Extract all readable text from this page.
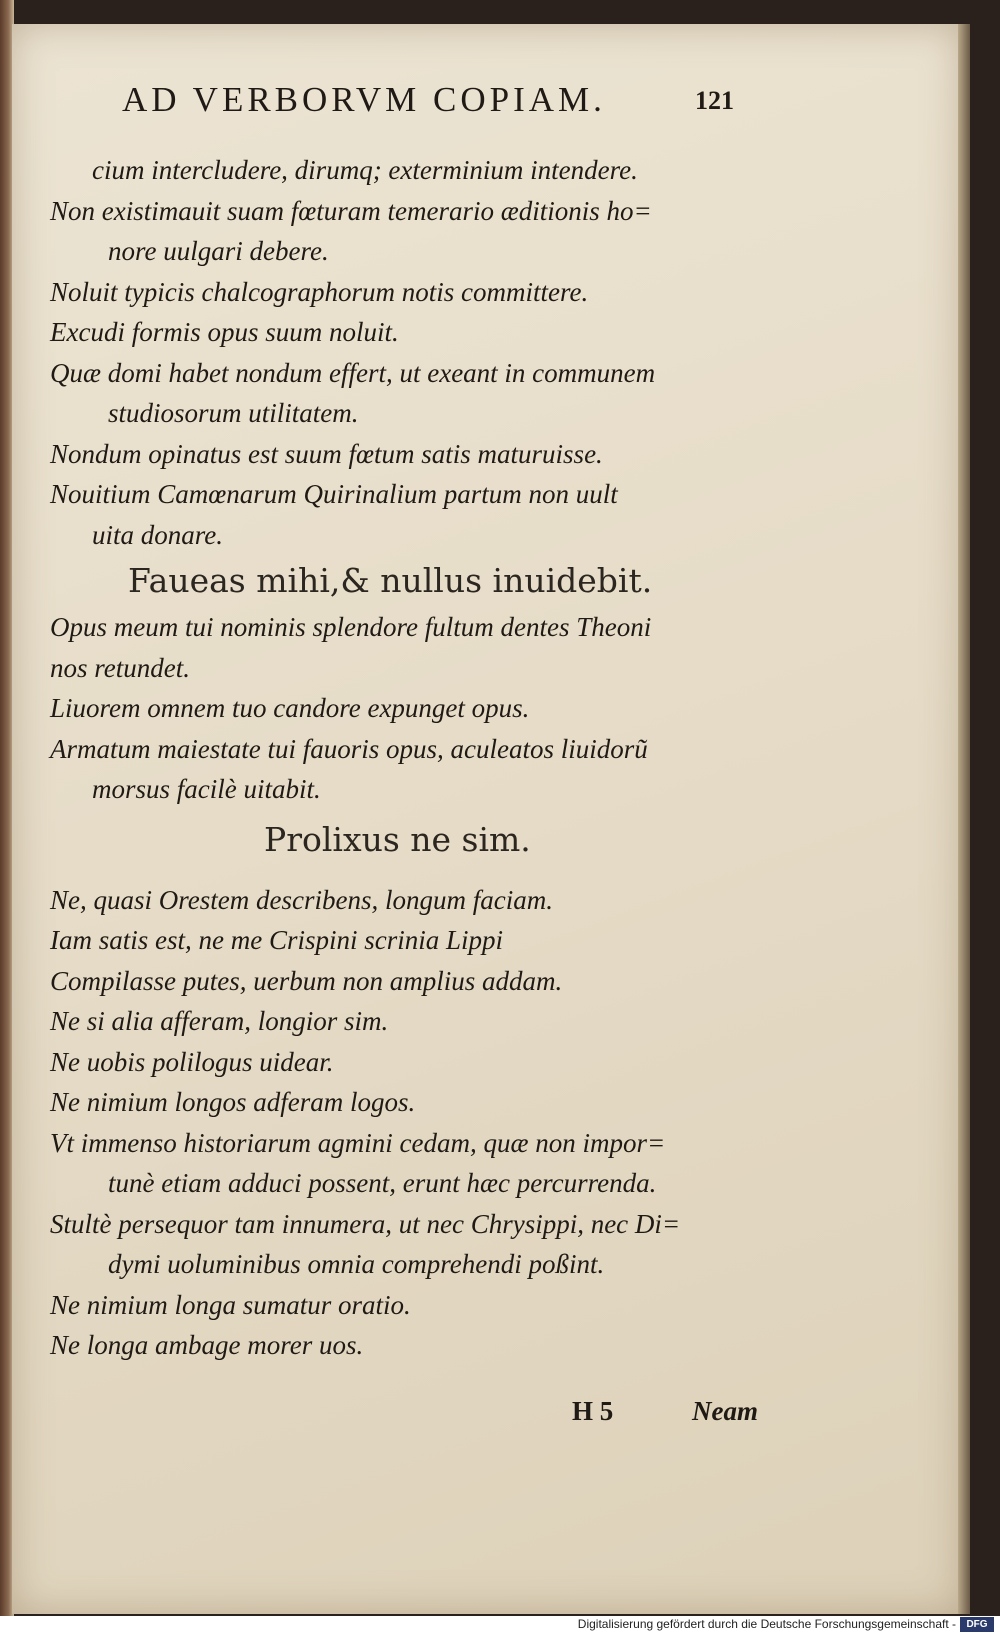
AD VERBORVM COPIAM.	121
cium intercludere, dirumq; exterminium intendere.
Non existimauit suam fœturam temerario æditionis ho=
nore uulgari debere.
Noluit typicis chalcographorum notis committere.
Excudi formis opus suum noluit.
Quæ domi habet nondum effert, ut exeant in communem
studiosorum utilitatem.
Nondum opinatus est suum fœtum satis maturuisse.
Nouitium Camœnarum Quirinalium partum non uult
uita donare.
Faueas mihi,& nullus inuidebit.
Opus meum tui nominis splendore fultum dentes Theoni
nos retundet.
Liuorem omnem tuo candore expunget opus.
Armatum maiestate tui fauoris opus, aculeatos liuidorũ
morsus facilè uitabit.
Prolixus ne sim.
Ne, quasi Orestem describens, longum faciam.
Iam satis est, ne me Crispini scrinia Lippi
Compilasse putes, uerbum non amplius addam.
Ne si alia afferam, longior sim.
Ne uobis polilogus uidear.
Ne nimium longos adferam logos.
Vt immenso historiarum agmini cedam, quæ non impor=
tunè etiam adduci possent, erunt hæc percurrenda.
Stultè persequor tam innumera, ut nec Chrysippi, nec Di=
dymi uoluminibus omnia comprehendi poßint.
Ne nimium longa sumatur oratio.
Ne longa ambage morer uos.
H 5	Neam
Digitalisierung gefördert durch die Deutsche Forschungsgemeinschaft -	DFG
